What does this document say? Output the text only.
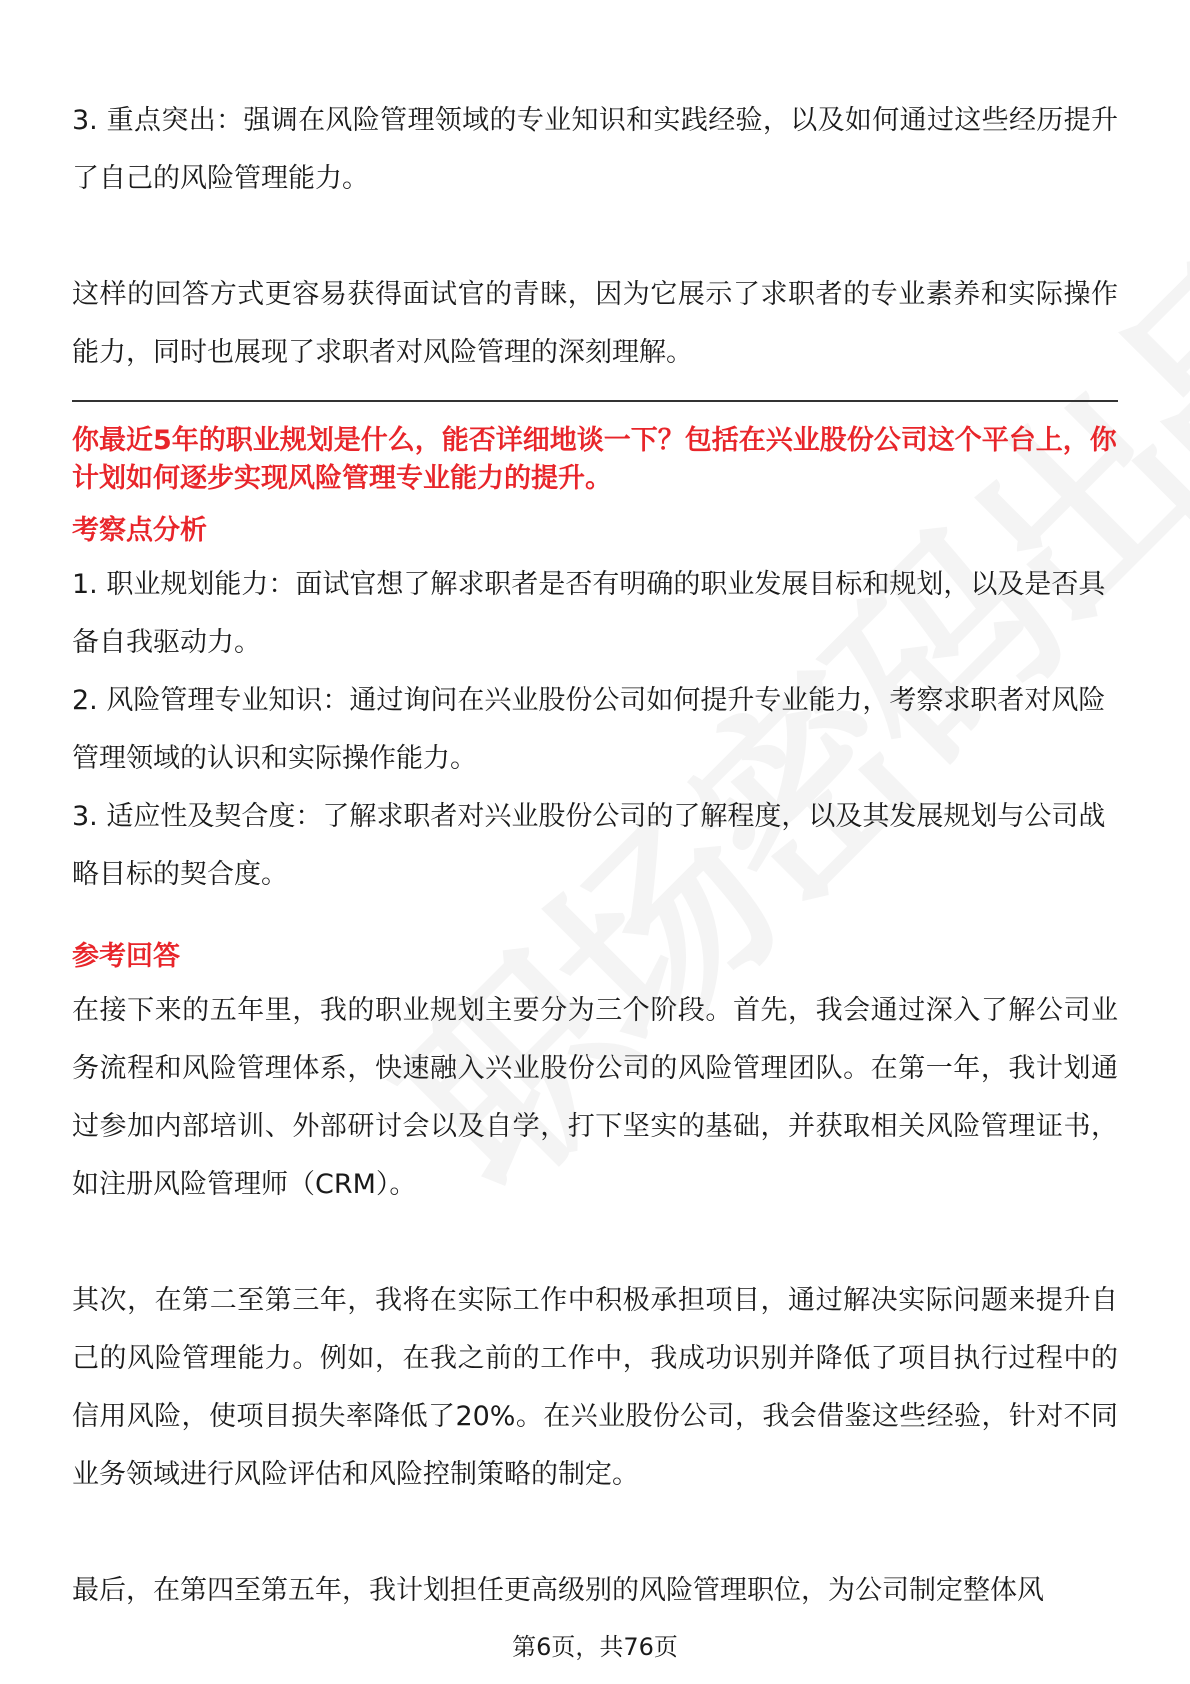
3. 重点突出：强调在风险管理领域的专业知识和实践经验，以及如何通过这些经历提升了自己的风险管理能力。

这样的回答方式更容易获得面试官的青睐，因为它展示了求职者的专业素养和实际操作能力，同时也展现了求职者对风险管理的深刻理解。

你最近5年的职业规划是什么，能否详细地谈一下？包括在兴业股份公司这个平台上，你计划如何逐步实现风险管理专业能力的提升。

考察点分析

1. 职业规划能力：面试官想了解求职者是否有明确的职业发展目标和规划，以及是否具备自我驱动力。

2. 风险管理专业知识：通过询问在兴业股份公司如何提升专业能力，考察求职者对风险管理领域的认识和实际操作能力。

3. 适应性及契合度：了解求职者对兴业股份公司的了解程度，以及其发展规划与公司战略目标的契合度。

参考回答

在接下来的五年里，我的职业规划主要分为三个阶段。首先，我会通过深入了解公司业务流程和风险管理体系，快速融入兴业股份公司的风险管理团队。在第一年，我计划通过参加内部培训、外部研讨会以及自学，打下坚实的基础，并获取相关风险管理证书，如注册风险管理师（CRM）。

其次，在第二至第三年，我将在实际工作中积极承担项目，通过解决实际问题来提升自己的风险管理能力。例如，在我之前的工作中，我成功识别并降低了项目执行过程中的信用风险，使项目损失率降低了20%。在兴业股份公司，我会借鉴这些经验，针对不同业务领域进行风险评估和风险控制策略的制定。

最后，在第四至第五年，我计划担任更高级别的风险管理职位，为公司制定整体风

第6页，共76页
